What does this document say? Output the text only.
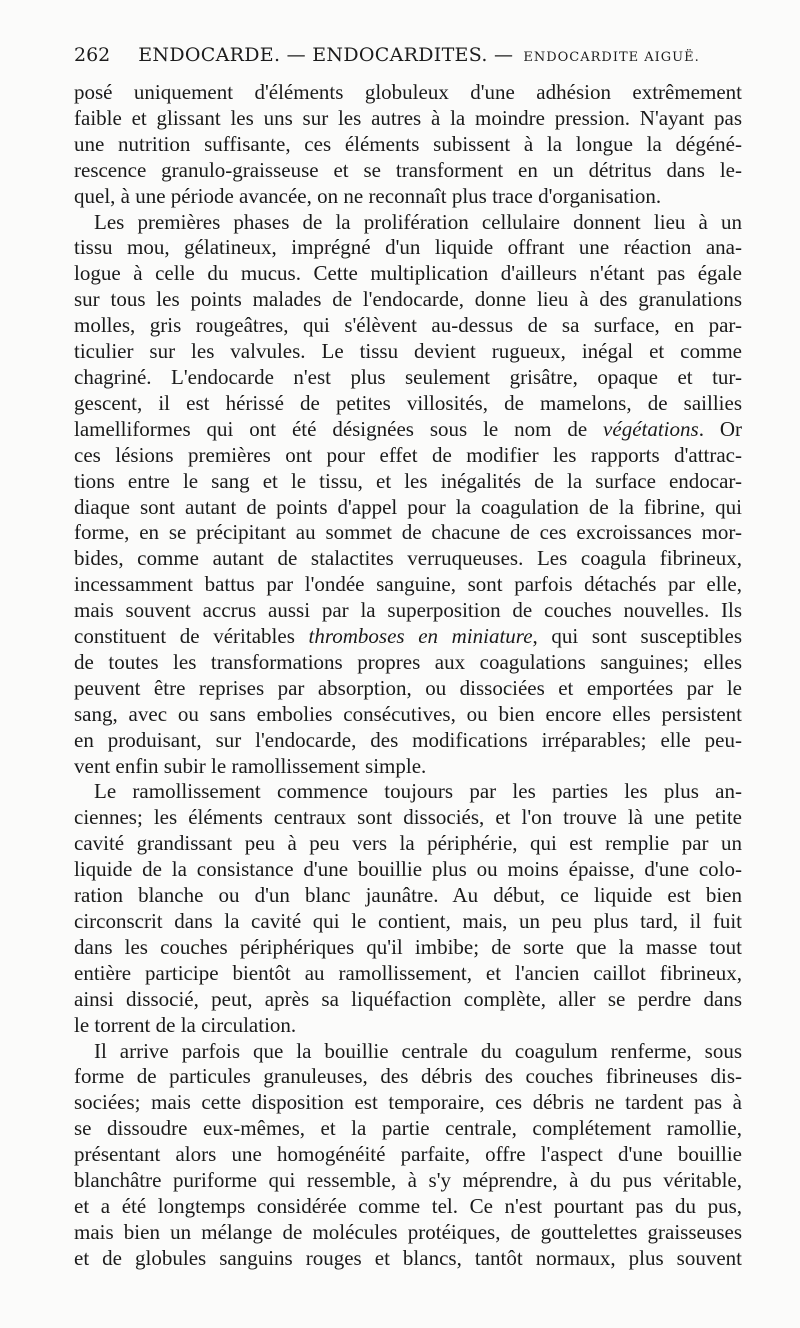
262 ENDOCARDE. — ENDOCARDITES. — ENDOCARDITE AIGUË.
posé uniquement d'éléments globuleux d'une adhésion extrêmement
faible et glissant les uns sur les autres à la moindre pression. N'ayant pas
une nutrition suffisante, ces éléments subissent à la longue la dégéné-
rescence granulo-graisseuse et se transforment en un détritus dans le-
quel, à une période avancée, on ne reconnaît plus trace d'organisation.
Les premières phases de la prolifération cellulaire donnent lieu à un
tissu mou, gélatineux, imprégné d'un liquide offrant une réaction ana-
logue à celle du mucus. Cette multiplication d'ailleurs n'étant pas égale
sur tous les points malades de l'endocarde, donne lieu à des granulations
molles, gris rougeâtres, qui s'élèvent au-dessus de sa surface, en par-
ticulier sur les valvules. Le tissu devient rugueux, inégal et comme
chagriné. L'endocarde n'est plus seulement grisâtre, opaque et tur-
gescent, il est hérissé de petites villosités, de mamelons, de saillies
lamelliformes qui ont été désignées sous le nom de végétations. Or
ces lésions premières ont pour effet de modifier les rapports d'attrac-
tions entre le sang et le tissu, et les inégalités de la surface endocar-
diaque sont autant de points d'appel pour la coagulation de la fibrine, qui
forme, en se précipitant au sommet de chacune de ces excroissances mor-
bides, comme autant de stalactites verruqueuses. Les coagula fibrineux,
incessamment battus par l'ondée sanguine, sont parfois détachés par elle,
mais souvent accrus aussi par la superposition de couches nouvelles. Ils
constituent de véritables thromboses en miniature, qui sont susceptibles
de toutes les transformations propres aux coagulations sanguines; elles
peuvent être reprises par absorption, ou dissociées et emportées par le
sang, avec ou sans embolies consécutives, ou bien encore elles persistent
en produisant, sur l'endocarde, des modifications irréparables; elle peu-
vent enfin subir le ramollissement simple.
Le ramollissement commence toujours par les parties les plus an-
ciennes; les éléments centraux sont dissociés, et l'on trouve là une petite
cavité grandissant peu à peu vers la périphérie, qui est remplie par un
liquide de la consistance d'une bouillie plus ou moins épaisse, d'une colo-
ration blanche ou d'un blanc jaunâtre. Au début, ce liquide est bien
circonscrit dans la cavité qui le contient, mais, un peu plus tard, il fuit
dans les couches périphériques qu'il imbibe; de sorte que la masse tout
entière participe bientôt au ramollissement, et l'ancien caillot fibrineux,
ainsi dissocié, peut, après sa liquéfaction complète, aller se perdre dans
le torrent de la circulation.
Il arrive parfois que la bouillie centrale du coagulum renferme, sous
forme de particules granuleuses, des débris des couches fibrineuses dis-
sociées; mais cette disposition est temporaire, ces débris ne tardent pas à
se dissoudre eux-mêmes, et la partie centrale, complétement ramollie,
présentant alors une homogénéité parfaite, offre l'aspect d'une bouillie
blanchâtre puriforme qui ressemble, à s'y méprendre, à du pus véritable,
et a été longtemps considérée comme tel. Ce n'est pourtant pas du pus,
mais bien un mélange de molécules protéiques, de gouttelettes graisseuses
et de globules sanguins rouges et blancs, tantôt normaux, plus souvent
